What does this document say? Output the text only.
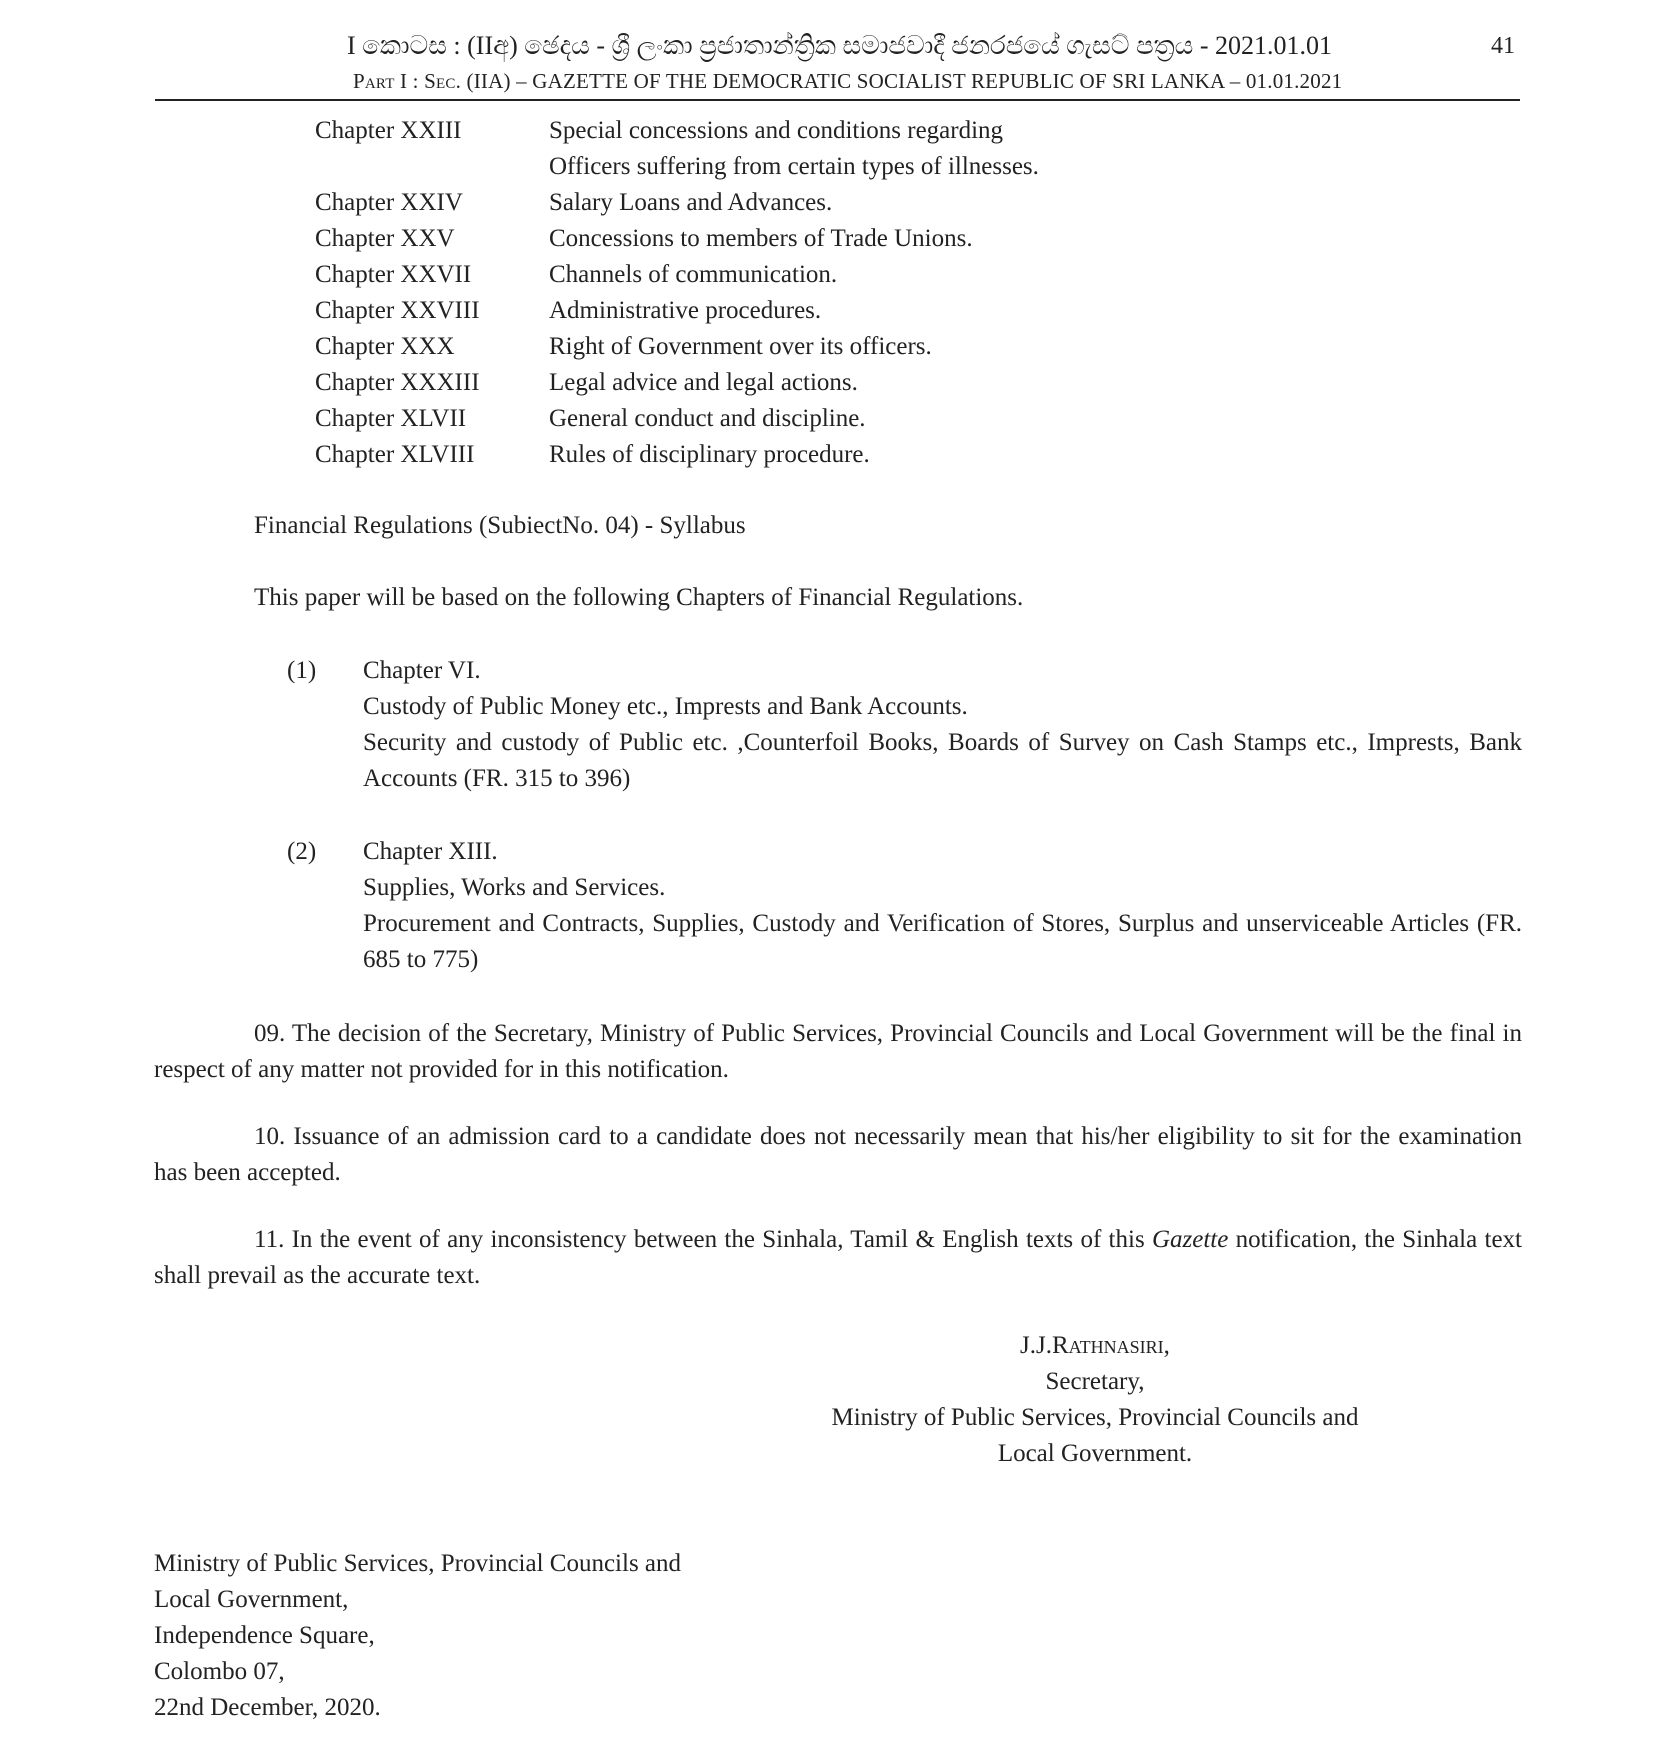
I කොටස : (IIඅ) ඡෙදය - ශ්‍රී ලංකා ප්‍රජාතාන්ත්‍රික සමාජවාදී ජනරජයේ ගැසට් පත්‍රය - 2021.01.01	41
Part I : Sec. (IIA) – GAZETTE OF THE DEMOCRATIC SOCIALIST REPUBLIC OF SRI LANKA – 01.01.2021
Chapter XXIII	Special concessions and conditions regarding
Officers suffering from certain types of illnesses.
Chapter XXIV	Salary Loans and Advances.
Chapter XXV	Concessions to members of Trade Unions.
Chapter XXVII	Channels of communication.
Chapter XXVIII	Administrative procedures.
Chapter XXX	Right of Government over its officers.
Chapter XXXIII	Legal advice and legal actions.
Chapter XLVII	General conduct and discipline.
Chapter XLVIII	Rules of disciplinary procedure.
Financial Regulations (SubiectNo. 04) - Syllabus
This paper will be based on the following Chapters of Financial Regulations.
(1) Chapter VI.

Custody of Public Money etc., Imprests and Bank Accounts.

Security and custody of Public etc. ,Counterfoil Books, Boards of Survey on Cash Stamps etc., Imprests, Bank Accounts (FR. 315 to 396)

(2) Chapter XIII.

Supplies, Works and Services.

Procurement and Contracts, Supplies, Custody and Verification of Stores, Surplus and unserviceable Articles (FR. 685 to 775)

09. The decision of the Secretary, Ministry of Public Services, Provincial Councils and Local Government will be the final in respect of any matter not provided for in this notification.

10. Issuance of an admission card to a candidate does not necessarily mean that his/her eligibility to sit for the examination has been accepted.

11. In the event of any inconsistency between the Sinhala, Tamil & English texts of this Gazette notification, the Sinhala text shall prevail as the accurate text.

J.J.Rathnasiri,

Secretary,

Ministry of Public Services, Provincial Councils and

Local Government.

Ministry of Public Services, Provincial Councils and

Local Government,

Independence Square,

Colombo 07,

22nd December, 2020.
